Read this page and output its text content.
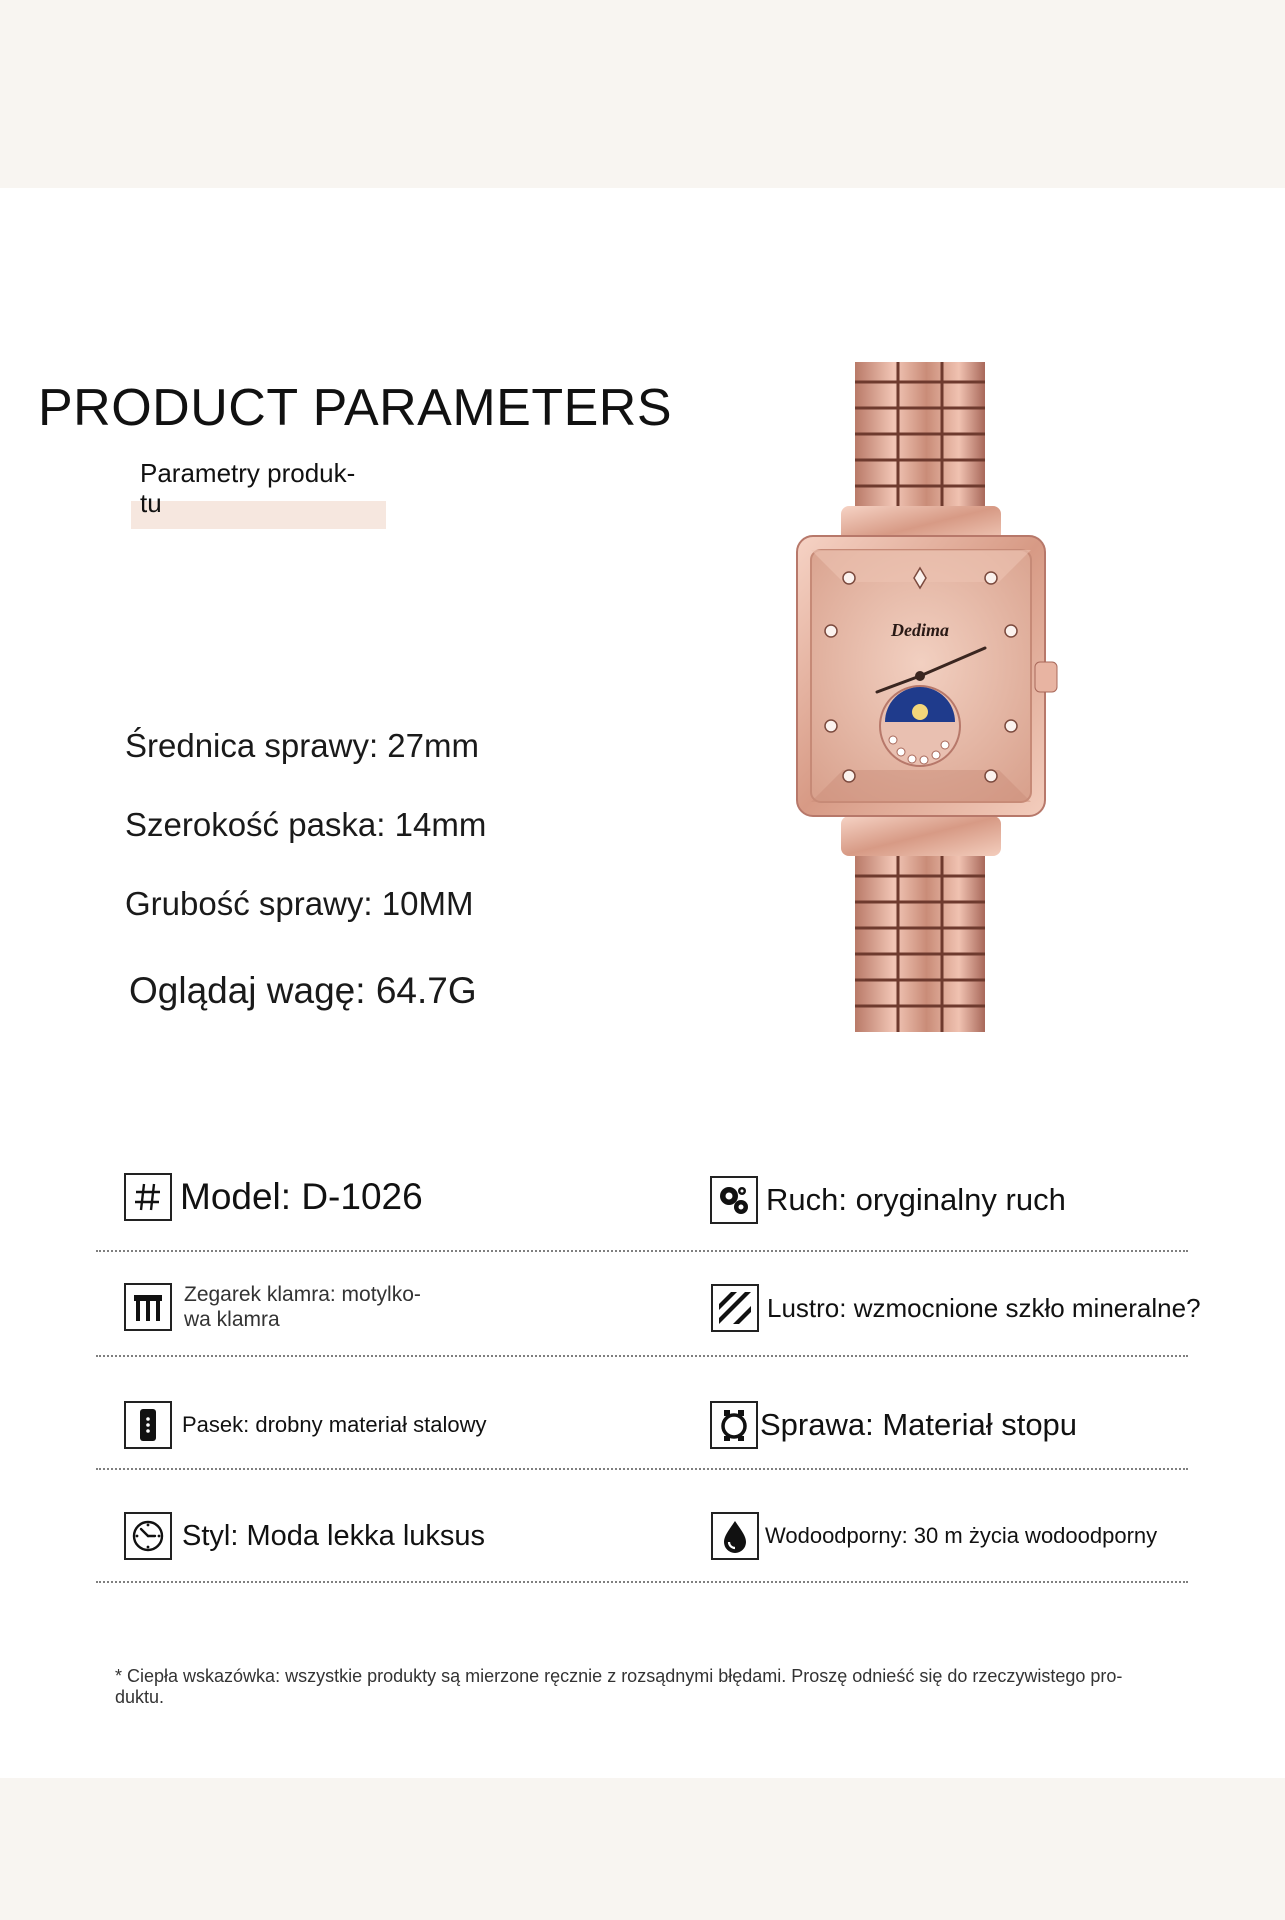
PRODUCT PARAMETERS
Parametry produk-
tu
Średnica sprawy: 27mm
Szerokość paska: 14mm
Grubość sprawy: 10MM
Oglądaj wagę: 64.7G
Dedima
Model: D-1026	Ruch: oryginalny ruch
Zegarek klamra: motylko-
wa klamra	Lustro: wzmocnione szkło mineralne?
Pasek: drobny materiał stalowy	Sprawa: Materiał stopu
Styl: Moda lekka luksus	Wodoodporny: 30 m życia wodoodporny
* Ciepła wskazówka: wszystkie produkty są mierzone ręcznie z rozsądnymi błędami. Proszę odnieść się do rzeczywistego pro-
duktu.
